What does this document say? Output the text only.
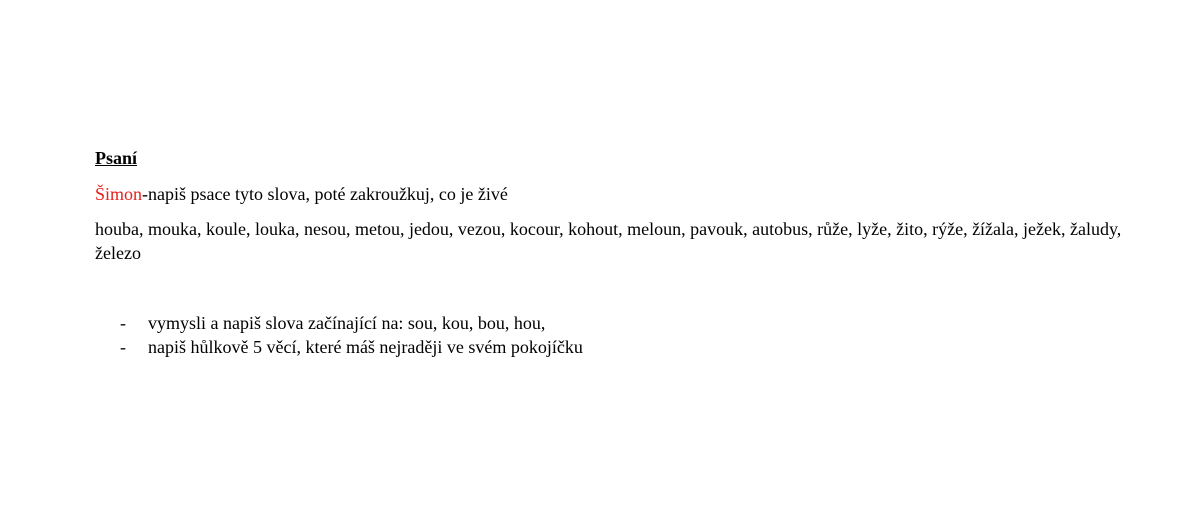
Psaní

Šimon-napiš psace tyto slova, poté zakroužkuj, co je živé

houba, mouka, koule, louka, nesou, metou, jedou, vezou, kocour, kohout, meloun, pavouk, autobus, růže, lyže, žito, rýže, žížala, ježek, žaludy, železo

- vymysli a napiš slova začínající na: sou, kou, bou, hou,
- napiš hůlkově 5 věcí, které máš nejraději ve svém pokojíčku
